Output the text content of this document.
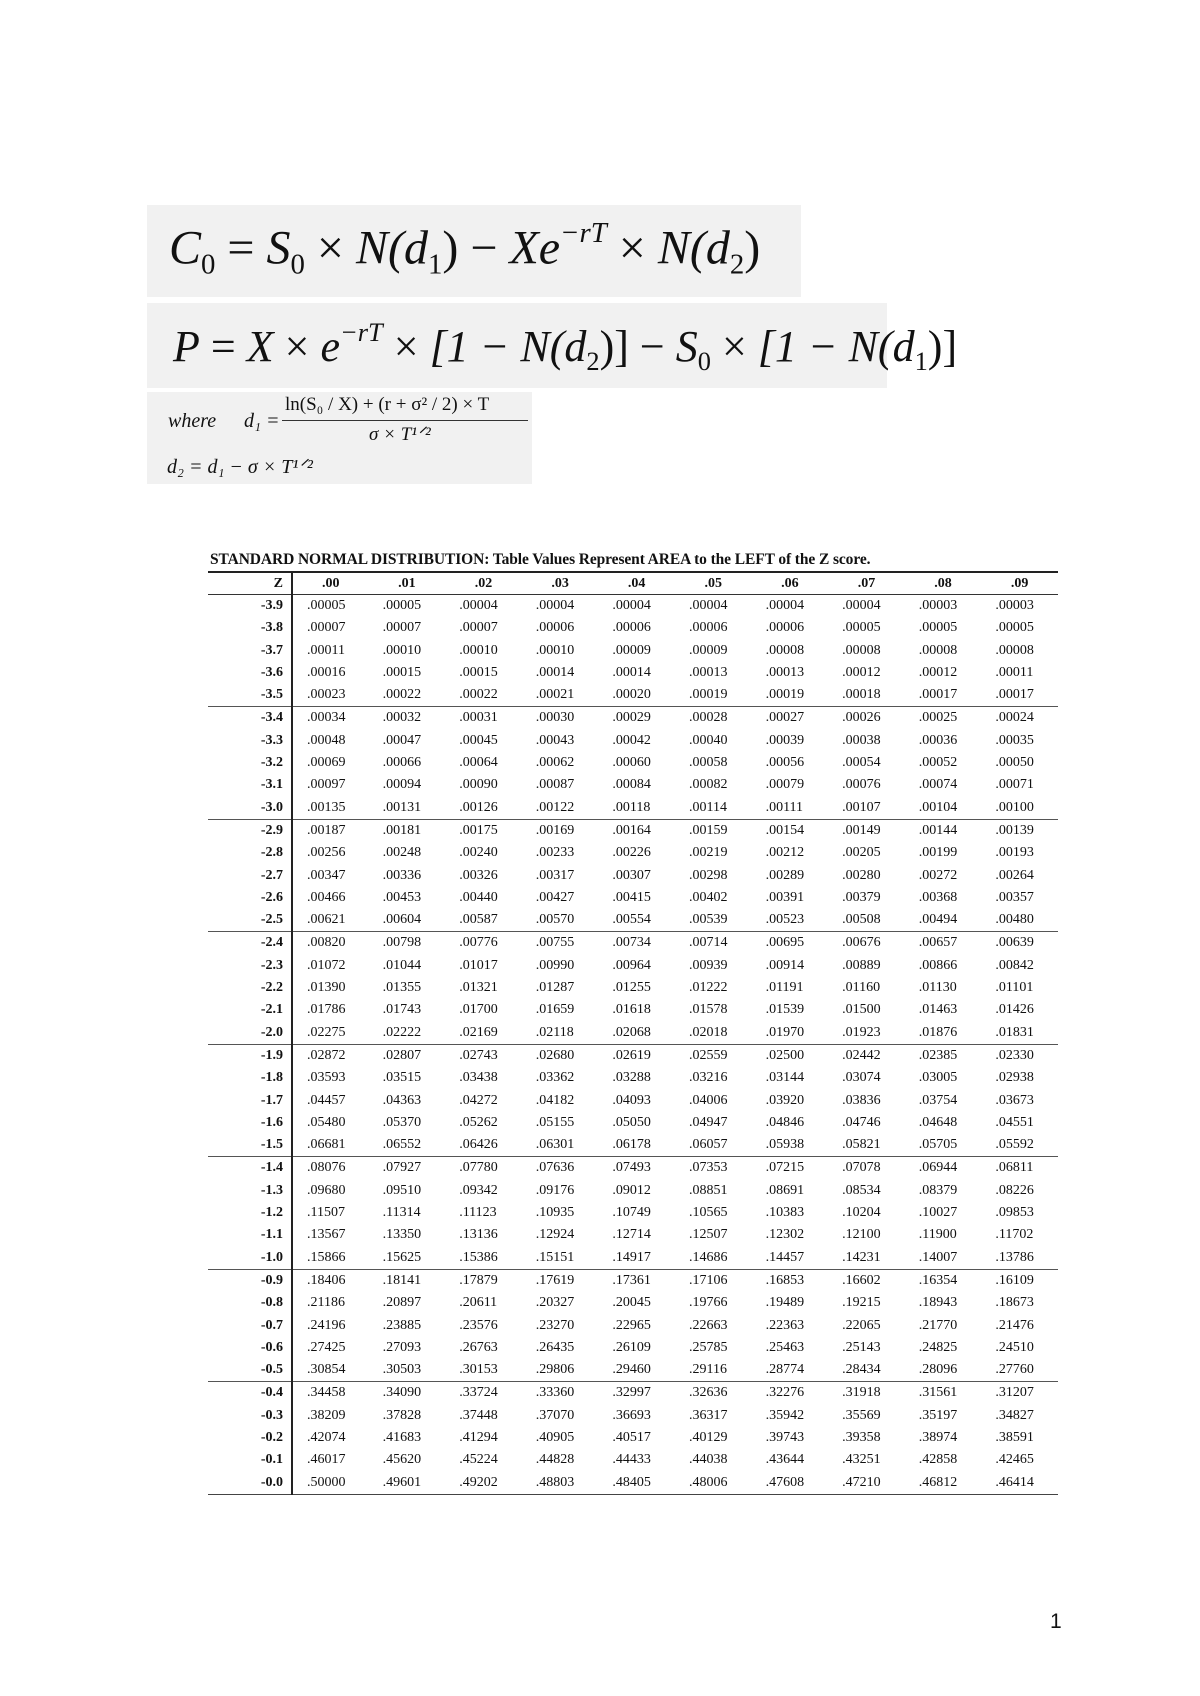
$C_0 = S_0 \times N(d_1) - Xe^{-rT} \times N(d_2)$
$P = X \times e^{-rT} \times [1 - N(d_2)] - S_0 \times [1 - N(d_1)]$
where d₁ =
ln(S₀ / X) + (r + σ² / 2) × T
σ × T¹ᐟ²
d₂ = d₁ − σ × T¹ᐟ²
STANDARD NORMAL DISTRIBUTION: Table Values Represent AREA to the LEFT of the Z score.
Z	.00	.01	.02	.03	.04	.05	.06	.07	.08	.09
-3.9	.00005	.00005	.00004	.00004	.00004	.00004	.00004	.00004	.00003	.00003
-3.8	.00007	.00007	.00007	.00006	.00006	.00006	.00006	.00005	.00005	.00005
-3.7	.00011	.00010	.00010	.00010	.00009	.00009	.00008	.00008	.00008	.00008
-3.6	.00016	.00015	.00015	.00014	.00014	.00013	.00013	.00012	.00012	.00011
-3.5	.00023	.00022	.00022	.00021	.00020	.00019	.00019	.00018	.00017	.00017
-3.4	.00034	.00032	.00031	.00030	.00029	.00028	.00027	.00026	.00025	.00024
-3.3	.00048	.00047	.00045	.00043	.00042	.00040	.00039	.00038	.00036	.00035
-3.2	.00069	.00066	.00064	.00062	.00060	.00058	.00056	.00054	.00052	.00050
-3.1	.00097	.00094	.00090	.00087	.00084	.00082	.00079	.00076	.00074	.00071
-3.0	.00135	.00131	.00126	.00122	.00118	.00114	.00111	.00107	.00104	.00100
-2.9	.00187	.00181	.00175	.00169	.00164	.00159	.00154	.00149	.00144	.00139
-2.8	.00256	.00248	.00240	.00233	.00226	.00219	.00212	.00205	.00199	.00193
-2.7	.00347	.00336	.00326	.00317	.00307	.00298	.00289	.00280	.00272	.00264
-2.6	.00466	.00453	.00440	.00427	.00415	.00402	.00391	.00379	.00368	.00357
-2.5	.00621	.00604	.00587	.00570	.00554	.00539	.00523	.00508	.00494	.00480
-2.4	.00820	.00798	.00776	.00755	.00734	.00714	.00695	.00676	.00657	.00639
-2.3	.01072	.01044	.01017	.00990	.00964	.00939	.00914	.00889	.00866	.00842
-2.2	.01390	.01355	.01321	.01287	.01255	.01222	.01191	.01160	.01130	.01101
-2.1	.01786	.01743	.01700	.01659	.01618	.01578	.01539	.01500	.01463	.01426
-2.0	.02275	.02222	.02169	.02118	.02068	.02018	.01970	.01923	.01876	.01831
-1.9	.02872	.02807	.02743	.02680	.02619	.02559	.02500	.02442	.02385	.02330
-1.8	.03593	.03515	.03438	.03362	.03288	.03216	.03144	.03074	.03005	.02938
-1.7	.04457	.04363	.04272	.04182	.04093	.04006	.03920	.03836	.03754	.03673
-1.6	.05480	.05370	.05262	.05155	.05050	.04947	.04846	.04746	.04648	.04551
-1.5	.06681	.06552	.06426	.06301	.06178	.06057	.05938	.05821	.05705	.05592
-1.4	.08076	.07927	.07780	.07636	.07493	.07353	.07215	.07078	.06944	.06811
-1.3	.09680	.09510	.09342	.09176	.09012	.08851	.08691	.08534	.08379	.08226
-1.2	.11507	.11314	.11123	.10935	.10749	.10565	.10383	.10204	.10027	.09853
-1.1	.13567	.13350	.13136	.12924	.12714	.12507	.12302	.12100	.11900	.11702
-1.0	.15866	.15625	.15386	.15151	.14917	.14686	.14457	.14231	.14007	.13786
-0.9	.18406	.18141	.17879	.17619	.17361	.17106	.16853	.16602	.16354	.16109
-0.8	.21186	.20897	.20611	.20327	.20045	.19766	.19489	.19215	.18943	.18673
-0.7	.24196	.23885	.23576	.23270	.22965	.22663	.22363	.22065	.21770	.21476
-0.6	.27425	.27093	.26763	.26435	.26109	.25785	.25463	.25143	.24825	.24510
-0.5	.30854	.30503	.30153	.29806	.29460	.29116	.28774	.28434	.28096	.27760
-0.4	.34458	.34090	.33724	.33360	.32997	.32636	.32276	.31918	.31561	.31207
-0.3	.38209	.37828	.37448	.37070	.36693	.36317	.35942	.35569	.35197	.34827
-0.2	.42074	.41683	.41294	.40905	.40517	.40129	.39743	.39358	.38974	.38591
-0.1	.46017	.45620	.45224	.44828	.44433	.44038	.43644	.43251	.42858	.42465
-0.0	.50000	.49601	.49202	.48803	.48405	.48006	.47608	.47210	.46812	.46414
1
